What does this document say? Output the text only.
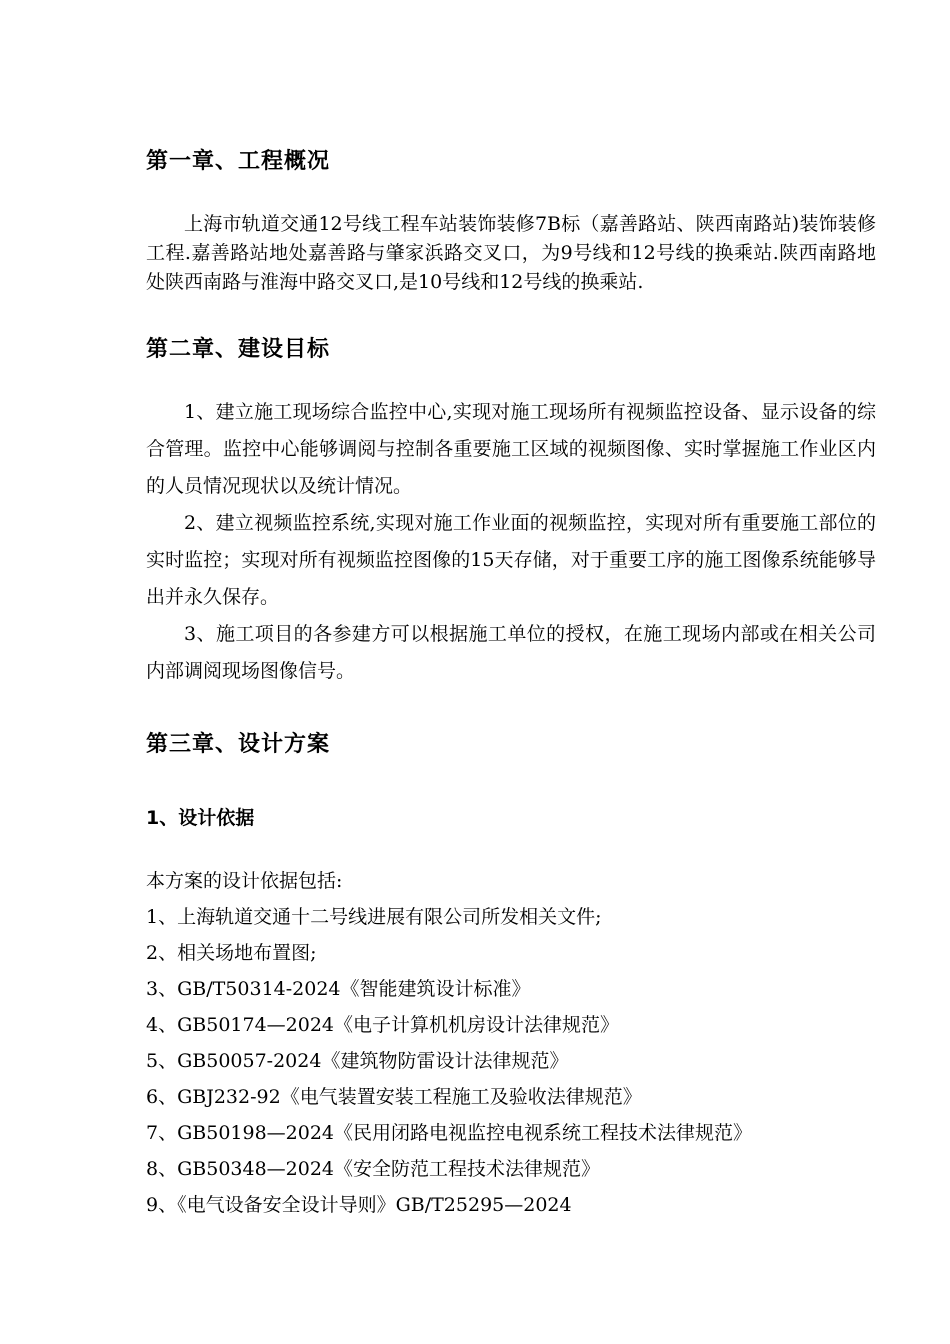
第一章、工程概况
上海市轨道交通12号线工程车站装饰装修7B标（嘉善路站、陕西南路站)装饰装修工程.嘉善路站地处嘉善路与肇家浜路交叉口，为9号线和12号线的换乘站.陕西南路地处陕西南路与淮海中路交叉口,是10号线和12号线的换乘站.
第二章、建设目标
1、建立施工现场综合监控中心,实现对施工现场所有视频监控设备、显示设备的综合管理。监控中心能够调阅与控制各重要施工区域的视频图像、实时掌握施工作业区内的人员情况现状以及统计情况。
2、建立视频监控系统,实现对施工作业面的视频监控，实现对所有重要施工部位的实时监控；实现对所有视频监控图像的15天存储，对于重要工序的施工图像系统能够导出并永久保存。
3、施工项目的各参建方可以根据施工单位的授权，在施工现场内部或在相关公司内部调阅现场图像信号。
第三章、设计方案
1、设计依据
本方案的设计依据包括:
1、上海轨道交通十二号线进展有限公司所发相关文件;
2、相关场地布置图;
3、GB/T50314-2024《智能建筑设计标准》
4、GB50174—2024《电子计算机机房设计法律规范》
5、GB50057-2024《建筑物防雷设计法律规范》
6、GBJ232-92《电气装置安装工程施工及验收法律规范》
7、GB50198—2024《民用闭路电视监控电视系统工程技术法律规范》
8、GB50348—2024《安全防范工程技术法律规范》
9、《电气设备安全设计导则》GB/T25295—2024
